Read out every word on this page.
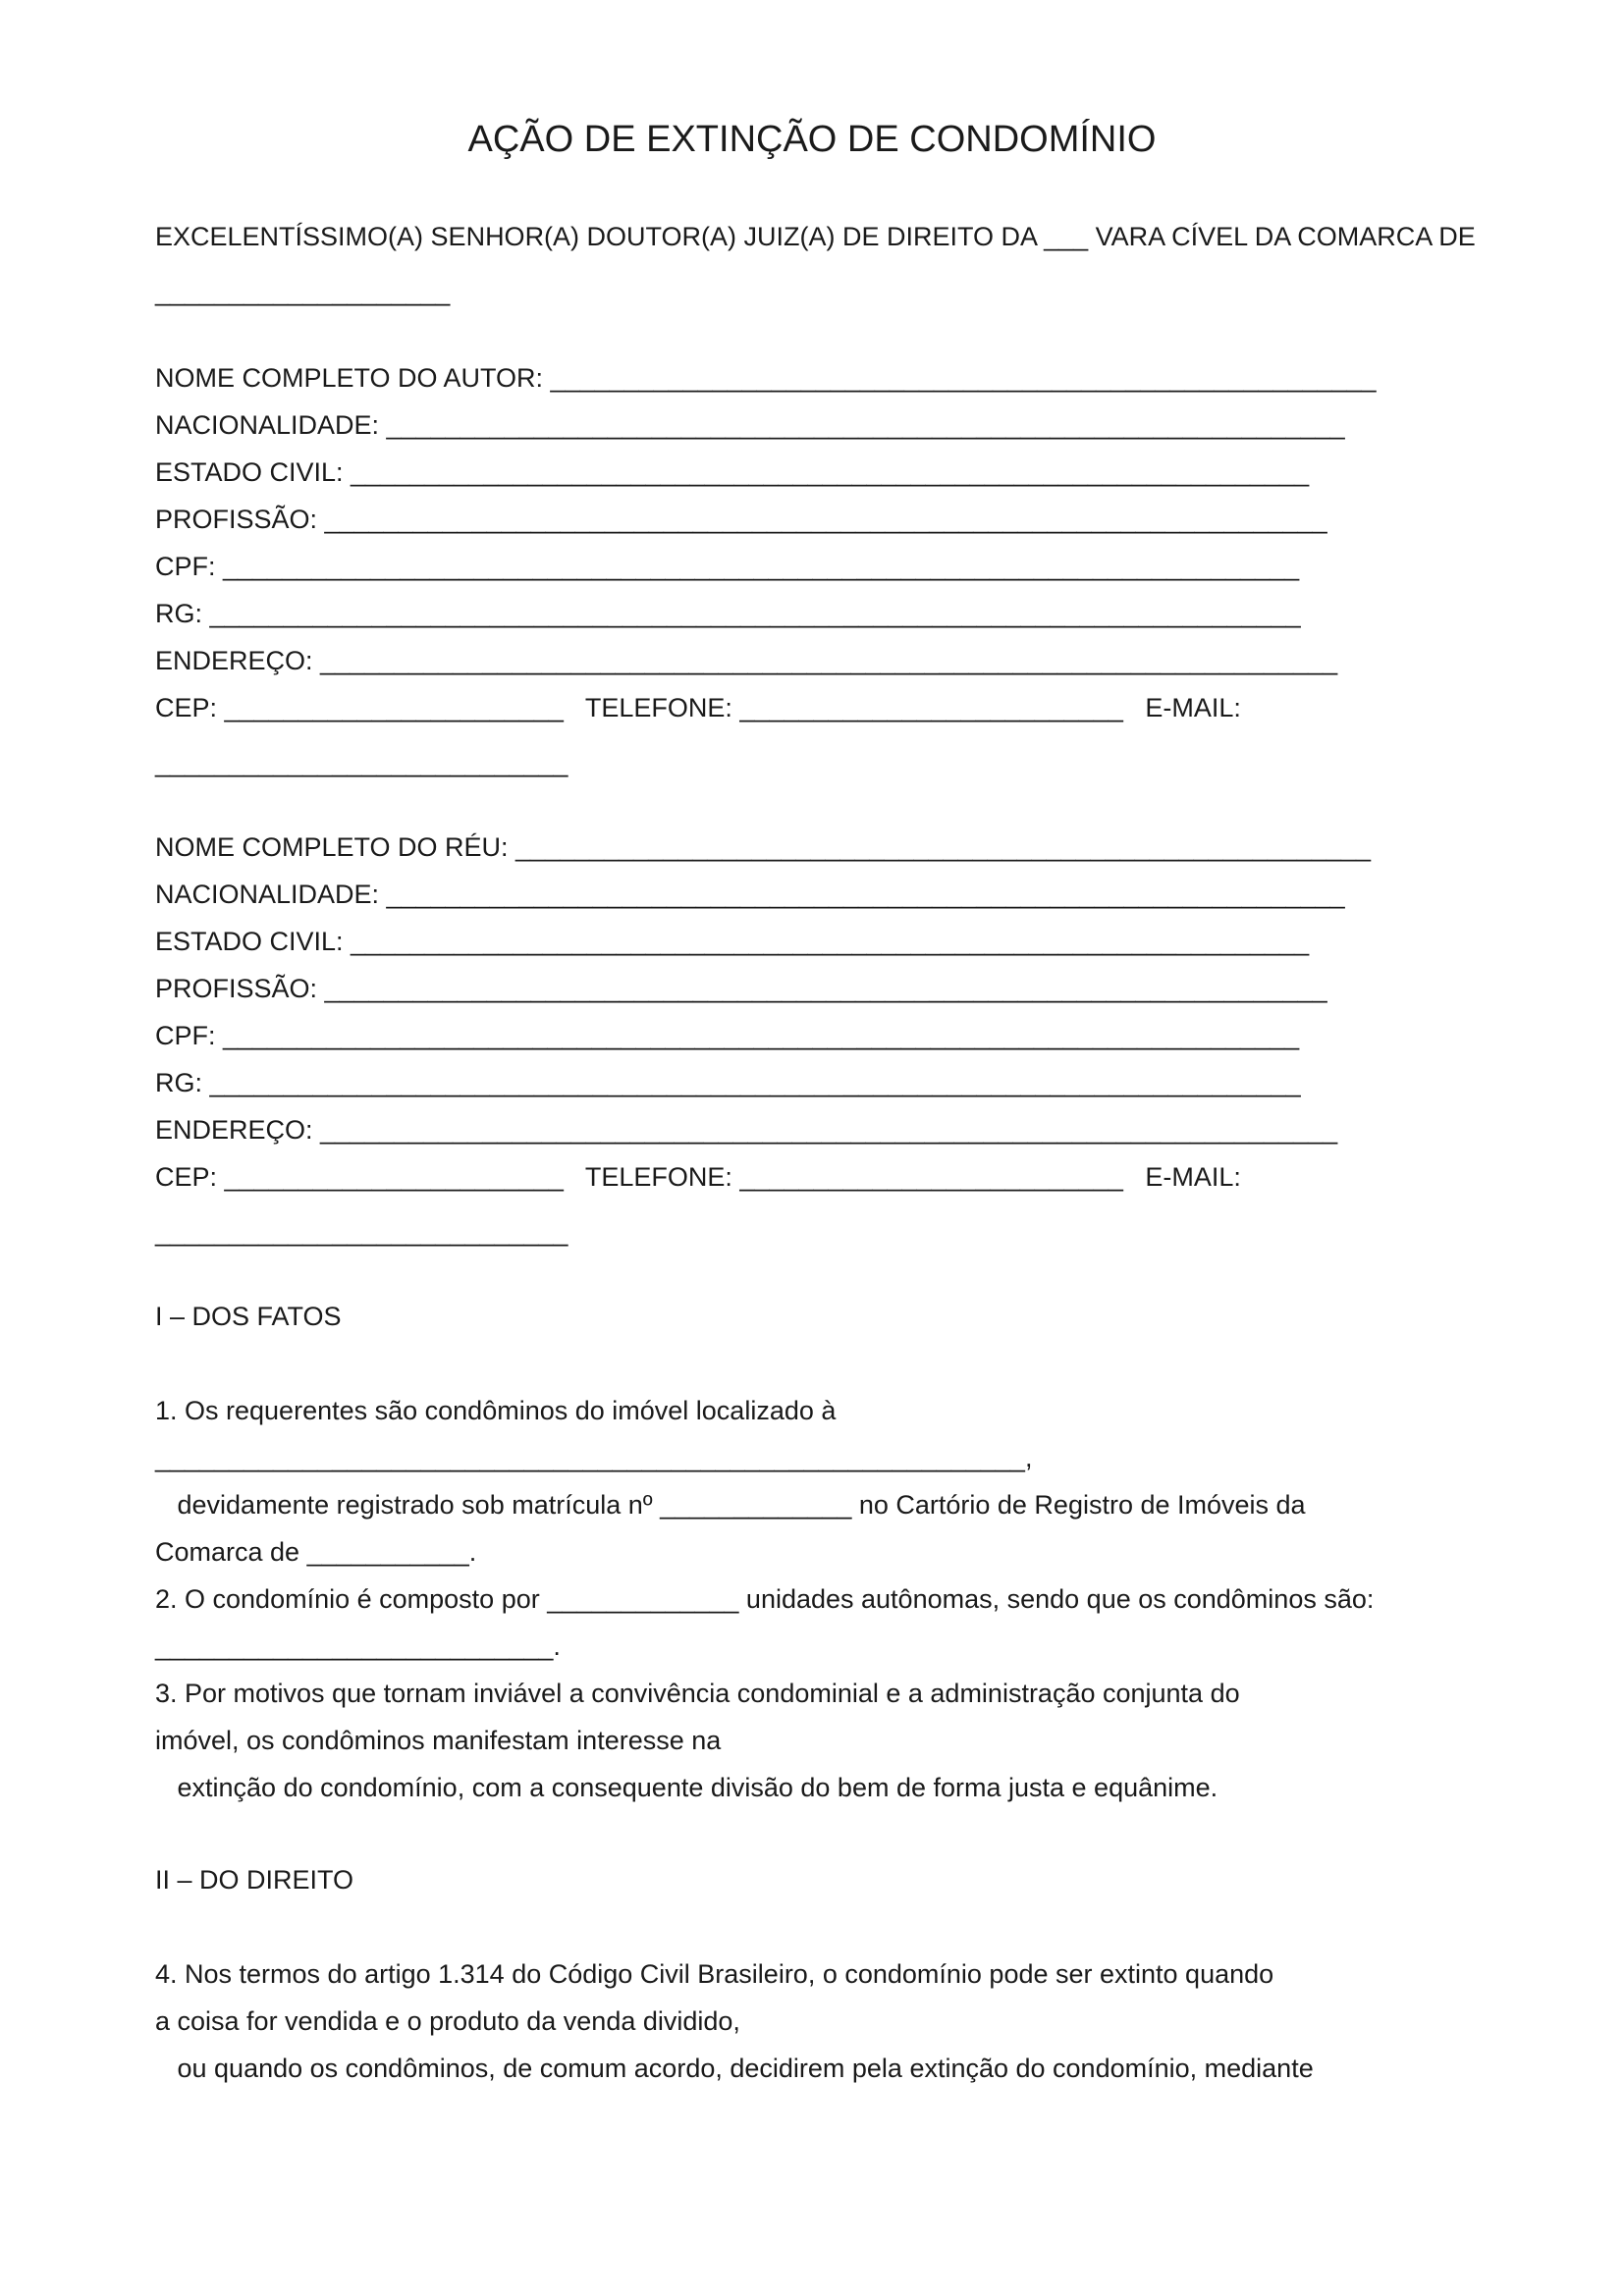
AÇÃO DE EXTINÇÃO DE CONDOMÍNIO
EXCELENTÍSSIMO(A) SENHOR(A) DOUTOR(A) JUIZ(A) DE DIREITO DA ___ VARA CÍVEL DA COMARCA DE
____________________
NOME COMPLETO DO AUTOR: ________________________________________________________
NACIONALIDADE: _________________________________________________________________
ESTADO CIVIL: _________________________________________________________________
PROFISSÃO: ____________________________________________________________________
CPF: _________________________________________________________________________
RG: __________________________________________________________________________
ENDEREÇO: _____________________________________________________________________
CEP: _______________________   TELEFONE: __________________________   E-MAIL:
____________________________
NOME COMPLETO DO RÉU: __________________________________________________________
NACIONALIDADE: _________________________________________________________________
ESTADO CIVIL: _________________________________________________________________
PROFISSÃO: ____________________________________________________________________
CPF: _________________________________________________________________________
RG: __________________________________________________________________________
ENDEREÇO: _____________________________________________________________________
CEP: _______________________   TELEFONE: __________________________   E-MAIL:
____________________________
I – DOS FATOS
1. Os requerentes são condôminos do imóvel localizado à
___________________________________________________________,
devidamente registrado sob matrícula nº _____________ no Cartório de Registro de Imóveis da
Comarca de ___________.
2. O condomínio é composto por _____________ unidades autônomas, sendo que os condôminos são:
___________________________.
3. Por motivos que tornam inviável a convivência condominial e a administração conjunta do
imóvel, os condôminos manifestam interesse na
extinção do condomínio, com a consequente divisão do bem de forma justa e equânime.
II – DO DIREITO
4. Nos termos do artigo 1.314 do Código Civil Brasileiro, o condomínio pode ser extinto quando
a coisa for vendida e o produto da venda dividido,
ou quando os condôminos, de comum acordo, decidirem pela extinção do condomínio, mediante
